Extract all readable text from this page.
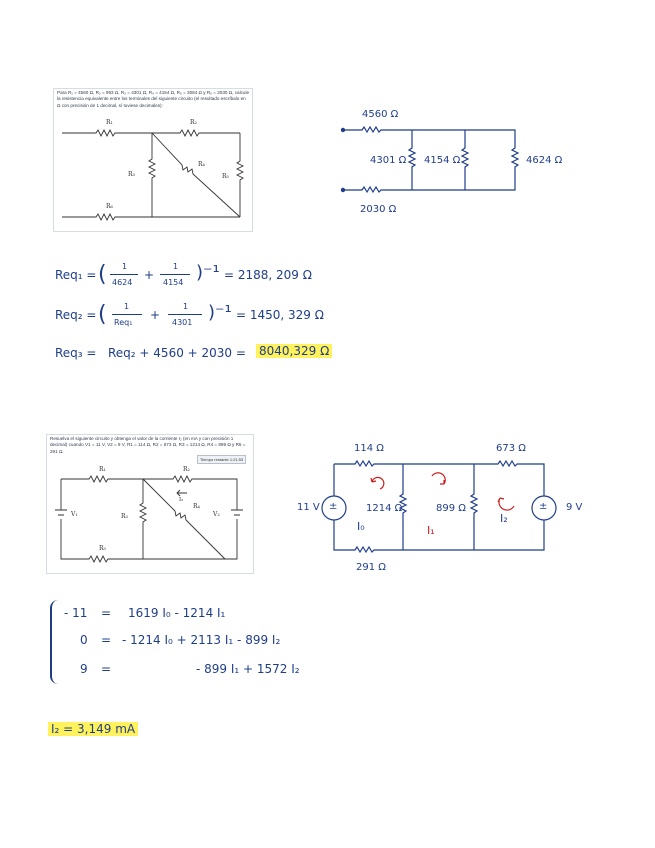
Para R₁ = 4560 Ω, R₂ = 993 Ω, R₃ = 4301 Ω, R₄ = 4154 Ω, R₅ = 3084 Ω y R₆ = 2030 Ω, calcule la resistencia equivalente entre los terminales del siguiente circuito (el resultado escríbalo en Ω con precisión de 1 decimal, sí tuviese decimales):
R₁	R₂
R₃
R₄
R₅
R₆
4560 Ω
4301 Ω 4154 Ω	4624 Ω
2030 Ω
Req₁ = ( 1
4624
+
1
4154 )⁻¹ = 2188, 209 Ω
Req₂ = ( 1
Req₁
+
1
4301 )⁻¹ = 1450, 329 Ω
Req₃ = Req₂ + 4560 + 2030 = 8040,329 Ω
Resuelva el siguiente circuito y obtenga el valor de la corriente I₂ (en mA y con precisión 1 decimal) cuando V1 = 11 V, V2 = 9 V, R1 = 114 Ω, R2 = 673 Ω, R3 = 1214 Ω, R4 = 899 Ω y R5 = 291 Ω.
Tiempo restante 1:21:53
R₁	R₂
R₃
R₄
R₅
V₁	V₂
I₂
±	±
114 Ω	673 Ω
11 V	1214 Ω	899 Ω	9 V
291 Ω
I₀	I₁
I₂
- 11 = 1619 I₀ - 1214 I₁
0 = - 1214 I₀ + 2113 I₁ - 899 I₂
9 =	- 899 I₁ + 1572 I₂
I₂ = 3,149 mA
